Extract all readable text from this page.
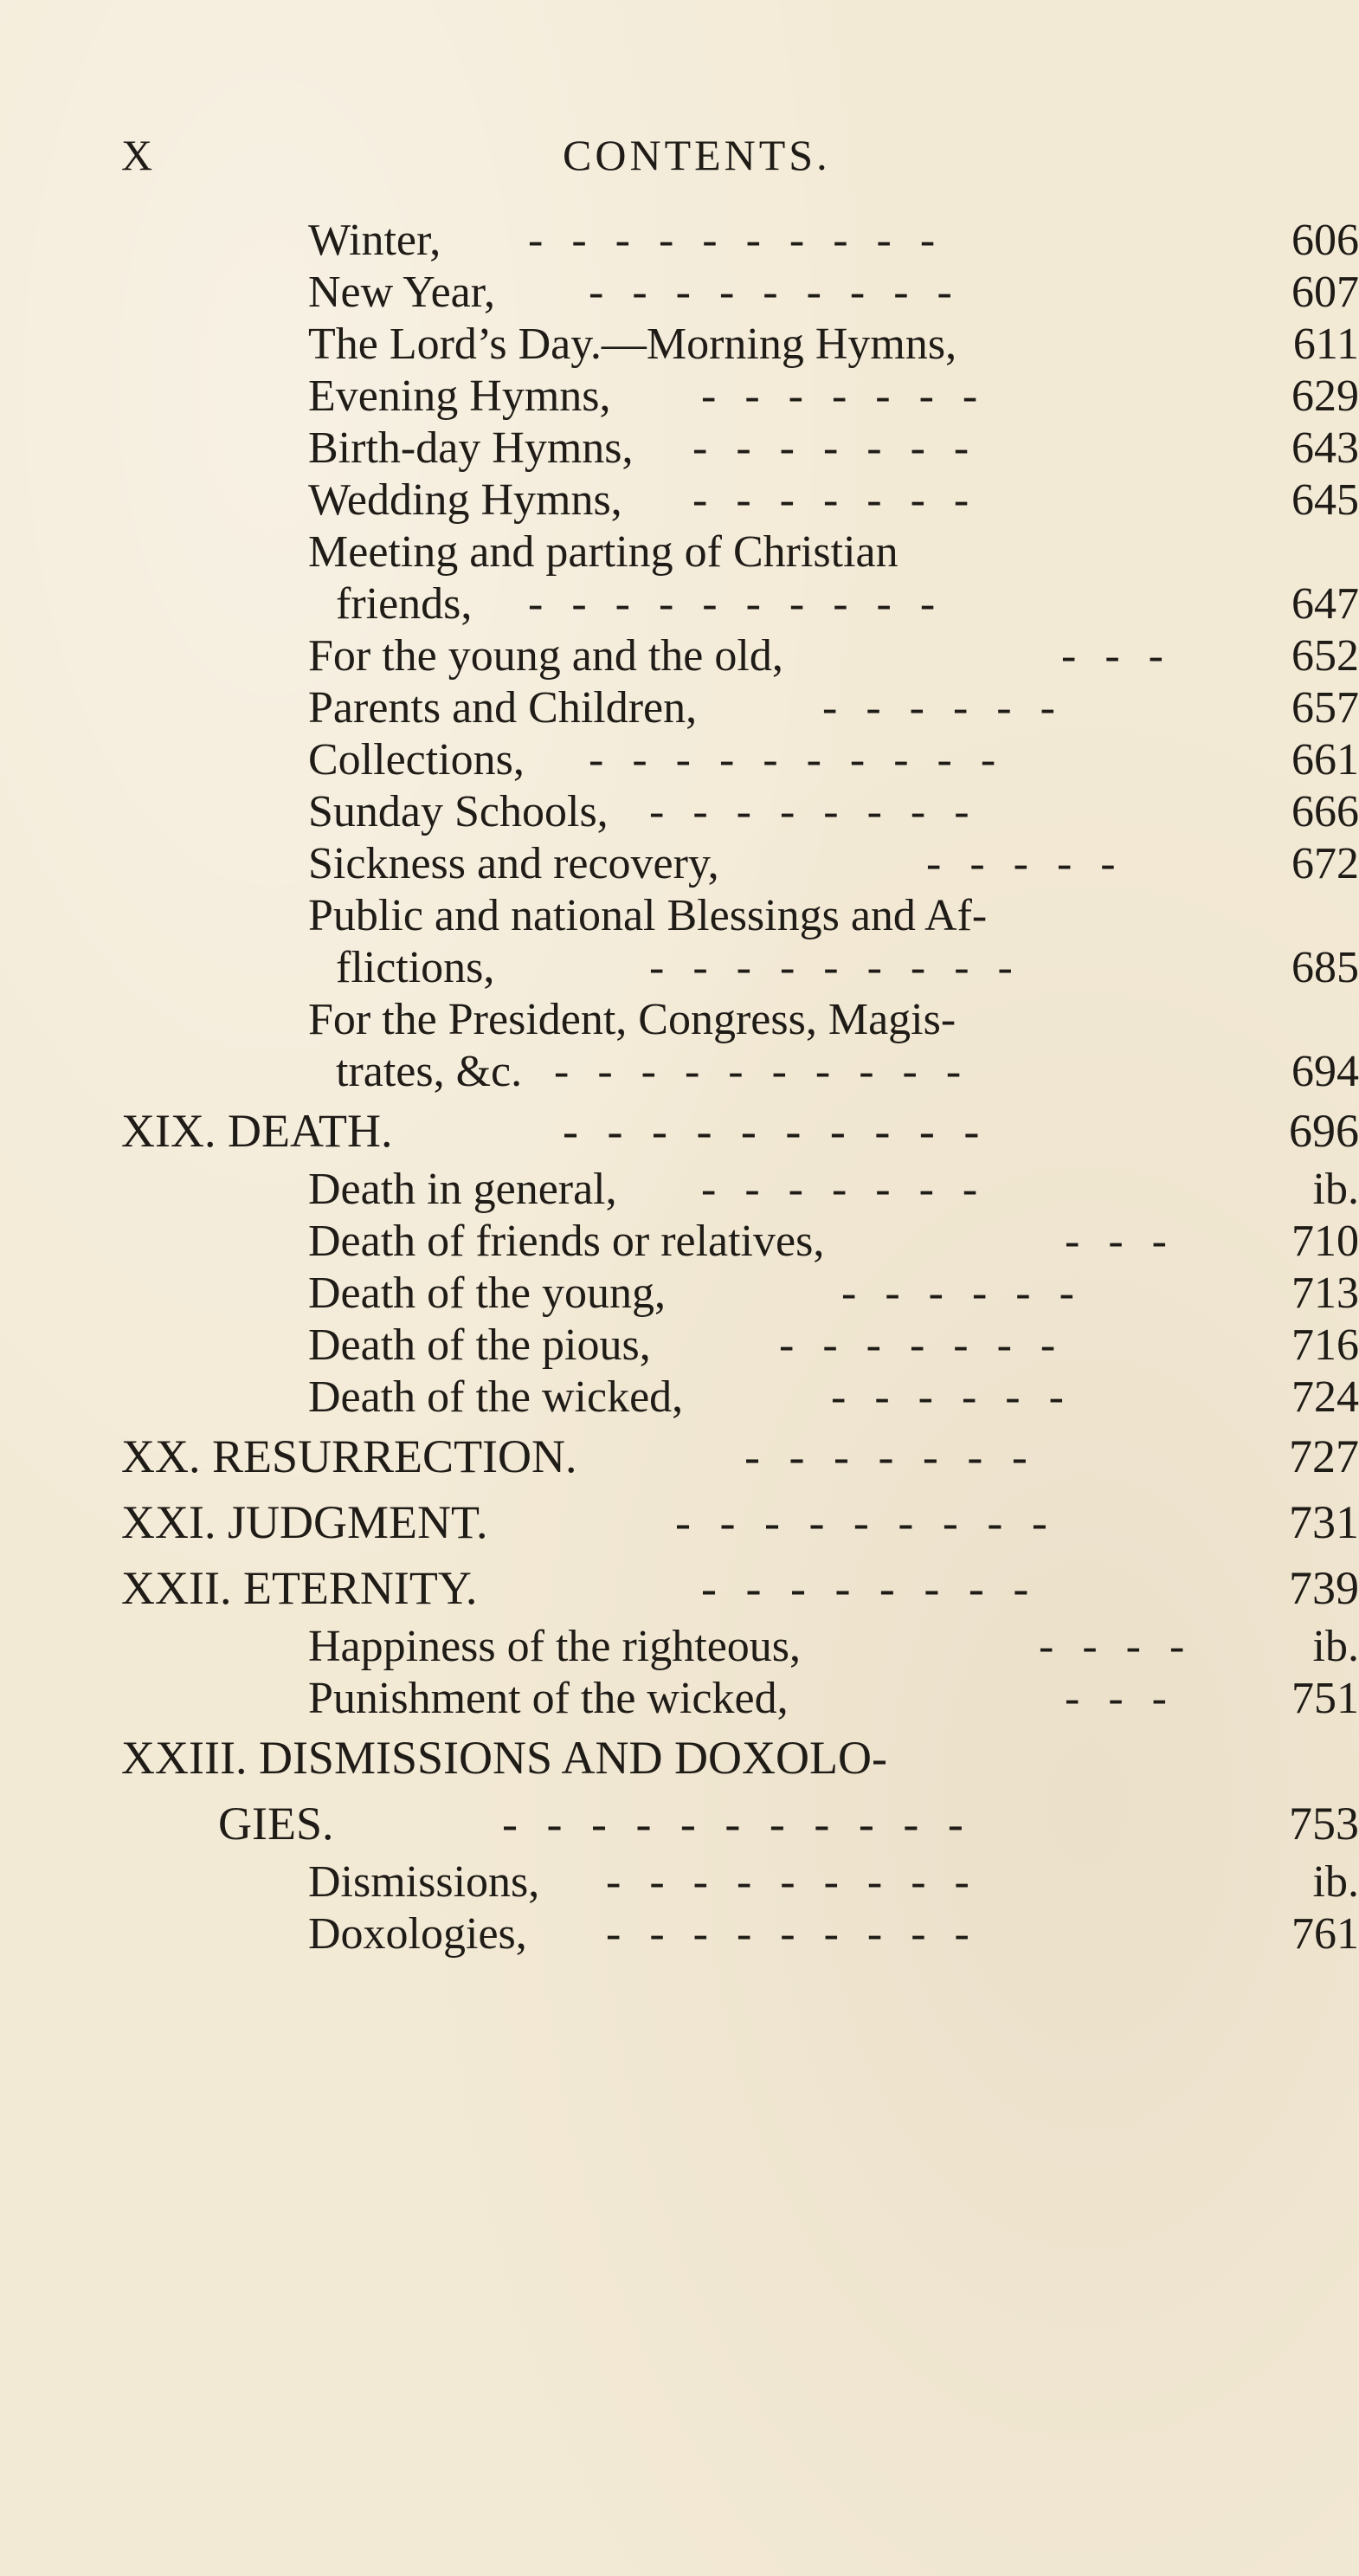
X	CONTENTS.
Winter, - - - - - - - - - -	606
New Year, - - - - - - - - -	607
The Lord’s Day.—Morning Hymns,	611
Evening Hymns, - - - - - - -	629
Birth-day Hymns, - - - - - - -	643
Wedding Hymns, - - - - - - -	645
Meeting and parting of Christian
friends, - - - - - - - - - -	647
For the young and the old,	- - -	652
Parents and Children,	- - - - - -	657
Collections, - - - - - - - - - -	661
Sunday Schools, - - - - - - - -	666
Sickness and recovery,	- - - - -	672
Public and national Blessings and Af-
flictions,	- - - - - - - - -	685
For the President, Congress, Magis-
trates, &c. - - - - - - - - - -	694
XIX. DEATH.	- - - - - - - - - -	696
Death in general, - - - - - - -	ib.
Death of friends or relatives,	- - -	710
Death of the young,	- - - - - -	713
Death of the pious,	- - - - - - -	716
Death of the wicked,	- - - - - -	724
XX. RESURRECTION.	- - - - - - -	727
XXI. JUDGMENT.	- - - - - - - - -	731
XXII. ETERNITY.	- - - - - - - -	739
Happiness of the righteous,	- - - -	ib.
Punishment of the wicked,	- - -	751
XXIII. DISMISSIONS AND DOXOLO-
GIES.	- - - - - - - - - - -	753
Dismissions, - - - - - - - - -	ib.
Doxologies, - - - - - - - - -	761
